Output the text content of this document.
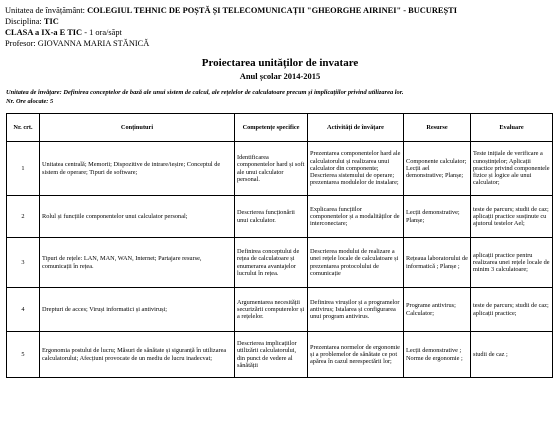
Unitatea de învățământ: COLEGIUL TEHNIC DE POȘTĂ ȘI TELECOMUNICAȚII "GHEORGHE AIRINEI" - BUCUREȘTI
Disciplina: TIC
CLASA a IX-a E TIC - 1 ora/săpt
Profesor: GIOVANNA MARIA STĂNICĂ
Proiectarea unităților de invatare
Anul școlar 2014-2015
Unitatea de învățare: Definirea conceptelor de bază ale unui sistem de calcul, ale rețelelor de calculatoare precum și implicațiilor privind utilizarea lor.
Nr. Ore alocate: 5
Nr. crt.	Conținuturi	Competențe specifice	Activități de învățare	Resurse	Evaluare
1	Unitatea centrală; Memorii; Dispozitive de intrare/ieșire; Conceptul de sistem de operare; Tipuri de software;	Identificarea componentelor hard și soft ale unui calculator personal.	Prezentarea componentelor hard ale calculatorului și realizarea unui calculator din componente; Descrierea sistemului de operare; prezentarea modulelor de instalare;	Componente calculator; Lecții ael demonstrative; Planșe;	Teste inițiale de verificare a cunoștințelor; Aplicații practice privind componentele fizice și logice ale unui calculator;
2	Rolul și funcțiile componentelor unui calculator personal;	Descrierea funcționării unui calculator.	Explicarea funcțiilor componentelor și a modalităților de interconectare;	Lecții demonstrative; Planșe;	teste de parcurs; studii de caz; aplicații practice susținute cu ajutorul testelor Ael;
3	Tipuri de rețele: LAN, MAN, WAN, Internet; Partajare resurse, comunicații în rețea.	Definirea conceptului de rețea de calculatoare și enumerarea avantajelor lucrului în rețea.	Descrierea modului de realizare a unei rețele locale de calculatoare și prezentarea protocolului de comunicație	Rețeaua laboratorului de informatică ; Planșe ;	aplicații practice pentru realizarea unei rețele locale de minim 3 calculatoare;
4	Drepturi de acces; Viruși informatici și antiviruși;	Argumentarea necesității securizării computerelor și a rețelelor.	Definirea virușilor și a programelor antivirus; Istalarea și configurarea unui program antivirus.	Programe antivirus; Calculator;	teste de parcurs; studii de caz; aplicații practice;
5	Ergonomia postului de lucru; Măsuri de sănătate și siguranță în utilizarea calculatorului; Afecțiuni provocate de un mediu de lucru inadecvat;	Descrierea implicațiilor utilizării calculatorului, din punct de vedere al sănătății	Prezentarea normelor de ergonomie și a problemelor de sănătate ce pot apărea în cazul nerespectării lor;	Lecții demonstrative ; Norme de ergonomie ;	studii de caz ;
